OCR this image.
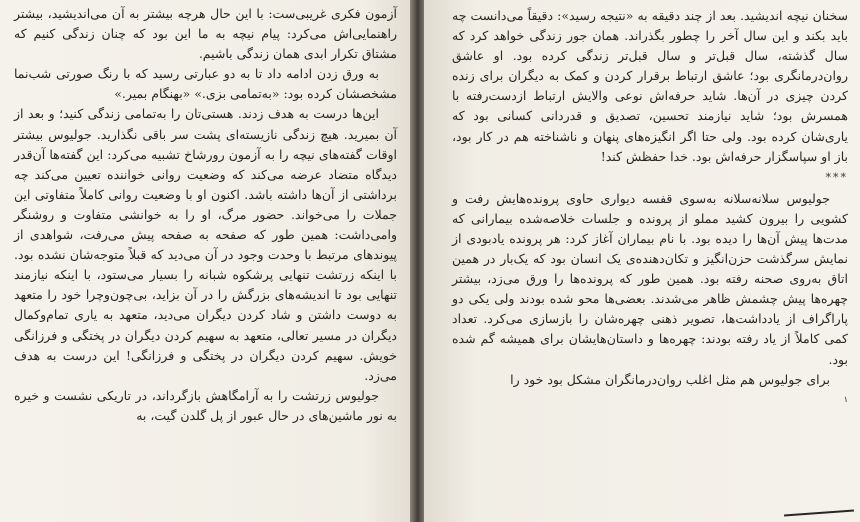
آزمون فکری غریبی‌ست: با این حال هرچه بیشتر به آن می‌اندیشید، بیشتر راهنمایی‌اش می‌کرد: پیام نیچه به ما این بود که چنان زندگی کنیم که مشتاق تکرار ابدی همان زندگی باشیم.

به ورق زدن ادامه داد تا به دو عبارتی رسید که با رنگ صورتی شب‌نما مشخصشان کرده بود: «به‌تمامی بزی.» «بهنگام بمیر.»

این‌ها درست به هدف زدند. هستی‌تان را به‌تمامی زندگی کنید؛ و بعد از آن بمیرید. هیچ زندگی نازیسته‌ای پشت سر باقی نگذارید. جولیوس بیشتر اوقات گفته‌های نیچه را به آزمون رورشاخ تشبیه می‌کرد: این گفته‌ها آن‌قدر دیدگاه متضاد عرضه می‌کند که وضعیت روانی خواننده تعیین می‌کند چه برداشتی از آن‌ها داشته باشد. اکنون او با وضعیت روانی کاملاً متفاوتی این جملات را می‌خواند. حضور مرگ، او را به خوانشی متفاوت و روشنگر وامی‌داشت: همین طور که صفحه به صفحه پیش می‌رفت، شواهدی از پیوندهای مرتبط با وحدت وجود در آن می‌دید که قبلاً متوجه‌شان نشده بود. با اینکه زرتشت تنهایی پرشکوه شبانه را بسیار می‌ستود، با اینکه نیازمند تنهایی بود تا اندیشه‌های بزرگش را در آن بزاید، بی‌چون‌وچرا خود را متعهد به دوست داشتن و شاد کردن دیگران می‌دید، متعهد به یاری تمام‌وکمال دیگران در مسیر تعالی، متعهد به سهیم کردن دیگران در پختگی و فرزانگی خویش. سهیم کردن دیگران در پختگی و فرزانگی! این درست به هدف می‌زد.

جولیوس زرتشت را به آرامگاهش بازگرداند، در تاریکی نشست و خیره به نور ماشین‌های در حال عبور از پل گلدن گیت، به

سخنان نیچه اندیشید. بعد از چند دقیقه به «نتیجه رسید»: دقیقاً می‌دانست چه باید بکند و این سال آخر را چطور بگذراند. همان جور زندگی خواهد کرد که سال گذشته، سال قبل‌تر و سال قبل‌تر زندگی کرده بود. او عاشق روان‌درمانگری بود؛ عاشق ارتباط برقرار کردن و کمک به دیگران برای زنده کردن چیزی در آن‌ها. شاید حرفه‌اش نوعی والایش ارتباط ازدست‌رفته با همسرش بود؛ شاید نیازمند تحسین، تصدیق و قدردانی کسانی بود که یاری‌شان کرده بود. ولی حتا اگر انگیزه‌های پنهان و ناشناخته هم در کار بود، باز او سپاسگزار حرفه‌اش بود. خدا حفظش کند!

***

جولیوس سلانه‌سلانه به‌سوی قفسه دیواری حاوی پرونده‌هایش رفت و کشویی را بیرون کشید مملو از پرونده و جلسات خلاصه‌شده بیمارانی که مدت‌ها پیش آن‌ها را دیده بود. با نام بیماران آغاز کرد: هر پرونده یادبودی از نمایش سرگذشت حزن‌انگیز و تکان‌دهنده‌ی یک انسان بود که یک‌بار در همین اتاق به‌روی صحنه رفته بود. همین طور که پرونده‌ها را ورق می‌زد، بیشتر چهره‌ها پیش چشمش ظاهر می‌شدند. بعضی‌ها محو شده بودند ولی یکی دو پاراگراف از یادداشت‌ها، تصویر ذهنی چهره‌شان را بازسازی می‌کرد. تعداد کمی کاملاً از یاد رفته بودند: چهره‌ها و داستان‌هایشان برای همیشه گم شده بود.

برای جولیوس هم مثل اغلب روان‌درمانگران مشکل بود خود را

$^۱$
